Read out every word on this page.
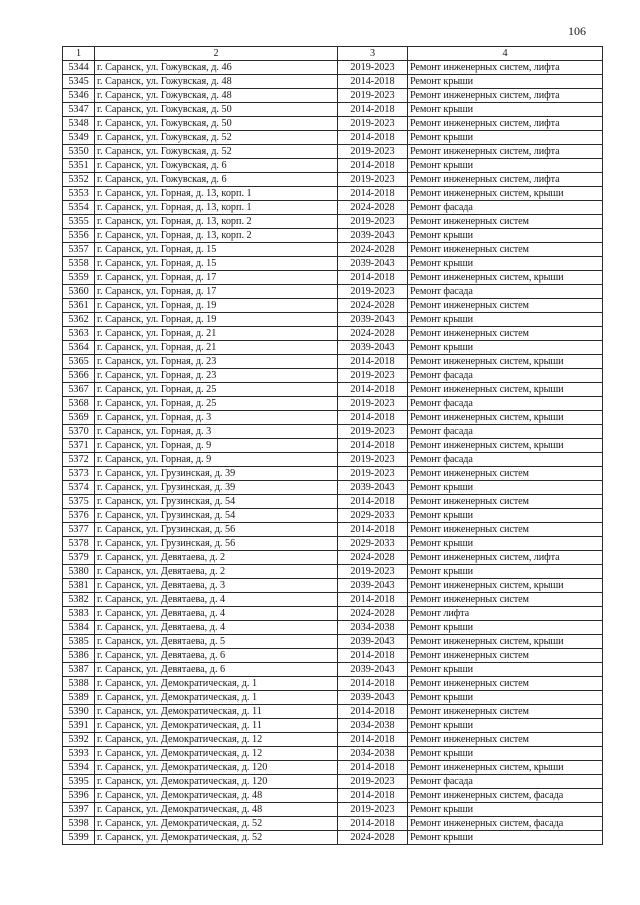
106
1	2	3	4
5344	г. Саранск, ул. Гожувская, д. 46	2019-2023	Ремонт инженерных систем, лифта
5345	г. Саранск, ул. Гожувская, д. 48	2014-2018	Ремонт крыши
5346	г. Саранск, ул. Гожувская, д. 48	2019-2023	Ремонт инженерных систем, лифта
5347	г. Саранск, ул. Гожувская, д. 50	2014-2018	Ремонт крыши
5348	г. Саранск, ул. Гожувская, д. 50	2019-2023	Ремонт инженерных систем, лифта
5349	г. Саранск, ул. Гожувская, д. 52	2014-2018	Ремонт крыши
5350	г. Саранск, ул. Гожувская, д. 52	2019-2023	Ремонт инженерных систем, лифта
5351	г. Саранск, ул. Гожувская, д. 6	2014-2018	Ремонт крыши
5352	г. Саранск, ул. Гожувская, д. 6	2019-2023	Ремонт инженерных систем, лифта
5353	г. Саранск, ул. Горная, д. 13, корп. 1	2014-2018	Ремонт инженерных систем, крыши
5354	г. Саранск, ул. Горная, д. 13, корп. 1	2024-2028	Ремонт фасада
5355	г. Саранск, ул. Горная, д. 13, корп. 2	2019-2023	Ремонт инженерных систем
5356	г. Саранск, ул. Горная, д. 13, корп. 2	2039-2043	Ремонт крыши
5357	г. Саранск, ул. Горная, д. 15	2024-2028	Ремонт инженерных систем
5358	г. Саранск, ул. Горная, д. 15	2039-2043	Ремонт крыши
5359	г. Саранск, ул. Горная, д. 17	2014-2018	Ремонт инженерных систем, крыши
5360	г. Саранск, ул. Горная, д. 17	2019-2023	Ремонт фасада
5361	г. Саранск, ул. Горная, д. 19	2024-2028	Ремонт инженерных систем
5362	г. Саранск, ул. Горная, д. 19	2039-2043	Ремонт крыши
5363	г. Саранск, ул. Горная, д. 21	2024-2028	Ремонт инженерных систем
5364	г. Саранск, ул. Горная, д. 21	2039-2043	Ремонт крыши
5365	г. Саранск, ул. Горная, д. 23	2014-2018	Ремонт инженерных систем, крыши
5366	г. Саранск, ул. Горная, д. 23	2019-2023	Ремонт фасада
5367	г. Саранск, ул. Горная, д. 25	2014-2018	Ремонт инженерных систем, крыши
5368	г. Саранск, ул. Горная, д. 25	2019-2023	Ремонт фасада
5369	г. Саранск, ул. Горная, д. 3	2014-2018	Ремонт инженерных систем, крыши
5370	г. Саранск, ул. Горная, д. 3	2019-2023	Ремонт фасада
5371	г. Саранск, ул. Горная, д. 9	2014-2018	Ремонт инженерных систем, крыши
5372	г. Саранск, ул. Горная, д. 9	2019-2023	Ремонт фасада
5373	г. Саранск, ул. Грузинская, д. 39	2019-2023	Ремонт инженерных систем
5374	г. Саранск, ул. Грузинская, д. 39	2039-2043	Ремонт крыши
5375	г. Саранск, ул. Грузинская, д. 54	2014-2018	Ремонт инженерных систем
5376	г. Саранск, ул. Грузинская, д. 54	2029-2033	Ремонт крыши
5377	г. Саранск, ул. Грузинская, д. 56	2014-2018	Ремонт инженерных систем
5378	г. Саранск, ул. Грузинская, д. 56	2029-2033	Ремонт крыши
5379	г. Саранск, ул. Девятаева, д. 2	2024-2028	Ремонт инженерных систем, лифта
5380	г. Саранск, ул. Девятаева, д. 2	2019-2023	Ремонт крыши
5381	г. Саранск, ул. Девятаева, д. 3	2039-2043	Ремонт инженерных систем, крыши
5382	г. Саранск, ул. Девятаева, д. 4	2014-2018	Ремонт инженерных систем
5383	г. Саранск, ул. Девятаева, д. 4	2024-2028	Ремонт лифта
5384	г. Саранск, ул. Девятаева, д. 4	2034-2038	Ремонт крыши
5385	г. Саранск, ул. Девятаева, д. 5	2039-2043	Ремонт инженерных систем, крыши
5386	г. Саранск, ул. Девятаева, д. 6	2014-2018	Ремонт инженерных систем
5387	г. Саранск, ул. Девятаева, д. 6	2039-2043	Ремонт крыши
5388	г. Саранск, ул. Демократическая, д. 1	2014-2018	Ремонт инженерных систем
5389	г. Саранск, ул. Демократическая, д. 1	2039-2043	Ремонт крыши
5390	г. Саранск, ул. Демократическая, д. 11	2014-2018	Ремонт инженерных систем
5391	г. Саранск, ул. Демократическая, д. 11	2034-2038	Ремонт крыши
5392	г. Саранск, ул. Демократическая, д. 12	2014-2018	Ремонт инженерных систем
5393	г. Саранск, ул. Демократическая, д. 12	2034-2038	Ремонт крыши
5394	г. Саранск, ул. Демократическая, д. 120	2014-2018	Ремонт инженерных систем, крыши
5395	г. Саранск, ул. Демократическая, д. 120	2019-2023	Ремонт фасада
5396	г. Саранск, ул. Демократическая, д. 48	2014-2018	Ремонт инженерных систем, фасада
5397	г. Саранск, ул. Демократическая, д. 48	2019-2023	Ремонт крыши
5398	г. Саранск, ул. Демократическая, д. 52	2014-2018	Ремонт инженерных систем, фасада
5399	г. Саранск, ул. Демократическая, д. 52	2024-2028	Ремонт крыши
